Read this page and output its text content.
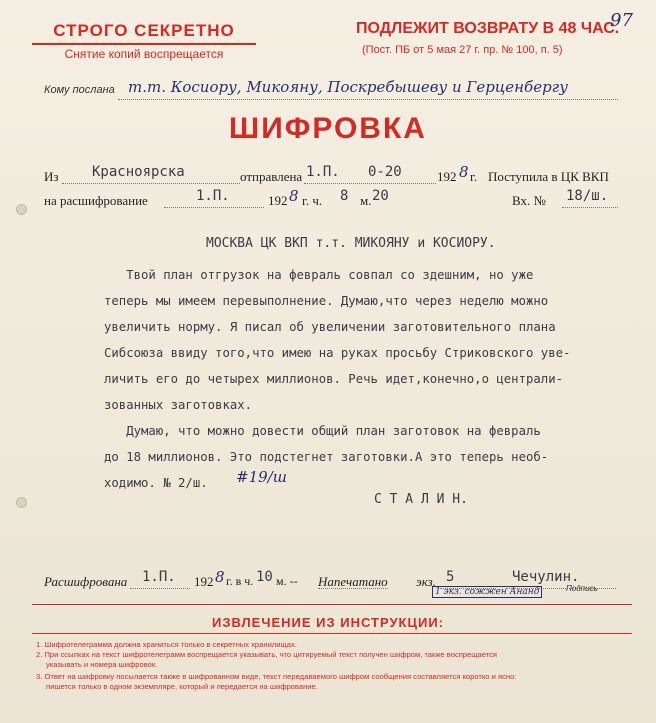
СТРОГО СЕКРЕТНО
Снятие копий воспрещается
ПОДЛЕЖИТ ВОЗВРАТУ В 48 ЧАС.
(Пост. ПБ от 5 мая 27 г. пр. № 100, п. 5)
97
Кому послана т.т. Косиору, Микояну, Поскребышеву и Герценбергу
ШИФРОВКА
Из Красноярска	отправлена 1.П. 0-20	192 8 г. Поступила в ЦК ВКП
на расшифрование	1.П.	192 8 г. ч. 8 м. 20	Вх. № 18/ш.
МОСКВА ЦК ВКП т.т. МИКОЯНУ и КОСИОРУ.
Твой план отгрузок на февраль совпал со здешним, но уже
теперь мы имеем перевыполнение. Думаю,что через неделю можно
увеличить норму. Я писал об увеличении заготовительного плана
Сибсоюза ввиду того,что имею на руках просьбу Стриковского уве-
личить его до четырех миллионов. Речь идет,конечно,о централи-
зованных заготовках.
Думаю, что можно довести общий план заготовок на февраль
до 18 миллионов. Это подстегнет заготовки.А это теперь необ-
ходимо. № 2/ш.	#19/ш
С Т А Л И Н.
Расшифрована 1.П. 192 8 г. в ч. 10 м. -- Напечатано экз. 5	Чечулин.
Подпись
1 экз. сожжен Ананд
ИЗВЛЕЧЕНИЕ ИЗ ИНСТРУКЦИИ:
1. Шифротелеграмма должна храниться только в секретных хранилищах.
2. При ссылках на текст шифротелеграмм воспрещается указывать, что цитируемый текст получен шифром, также воспрещается
указывать и номера шифровок.
3. Ответ на шифровку посылается также в шифрованном виде, текст передаваемого шифром сообщения составляется коротко и ясно:
пишется только в одном экземпляре, который и передается на шифрование.
